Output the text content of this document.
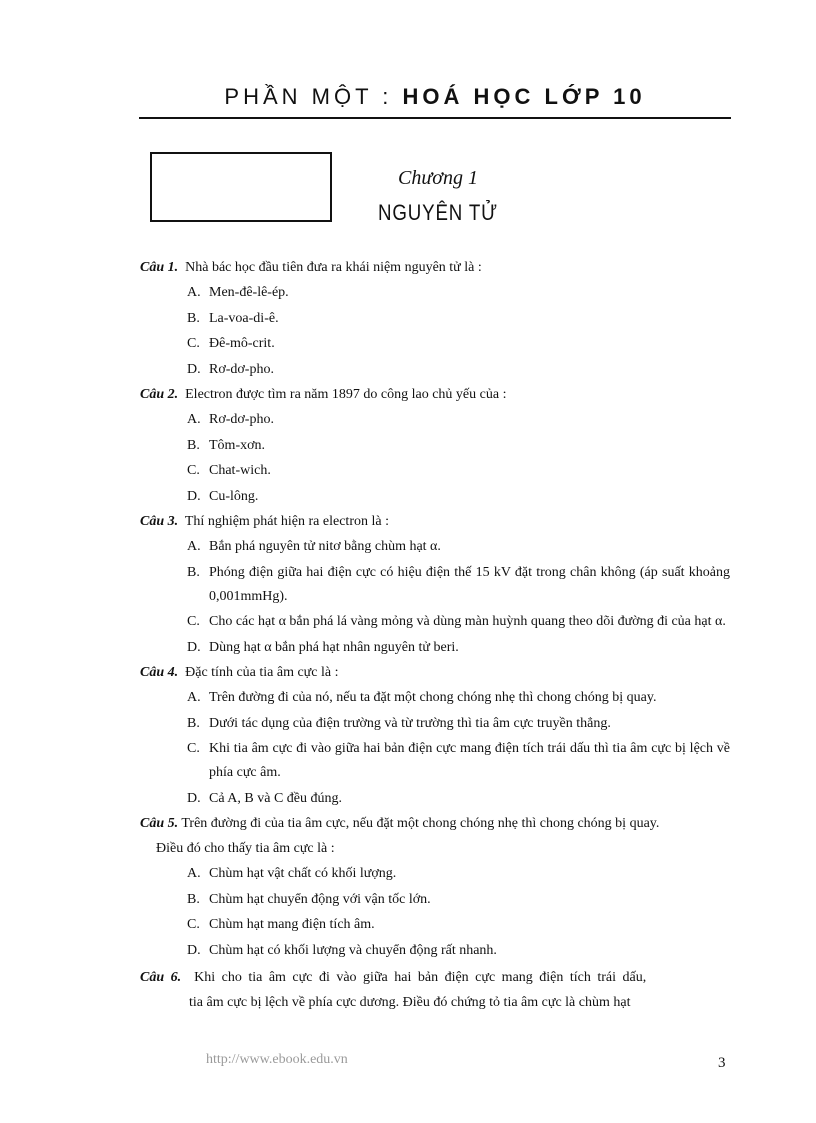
PHẦN MỘT : HOÁ HỌC LỚP 10
Chương 1
NGUYÊN TỬ
Câu 1. Nhà bác học đầu tiên đưa ra khái niệm nguyên tử là :
A. Men-đê-lê-ép.
B. La-voa-di-ê.
C. Đê-mô-crit.
D. Rơ-dơ-pho.
Câu 2. Electron được tìm ra năm 1897 do công lao chủ yếu của :
A. Rơ-dơ-pho.
B. Tôm-xơn.
C. Chat-wich.
D. Cu-lông.
Câu 3. Thí nghiệm phát hiện ra electron là :
A. Bắn phá nguyên tử nitơ bằng chùm hạt α.
B. Phóng điện giữa hai điện cực có hiệu điện thế 15 kV đặt trong chân không (áp suất khoảng 0,001mmHg).
C. Cho các hạt α bắn phá lá vàng mỏng và dùng màn huỳnh quang theo dõi đường đi của hạt α.
D. Dùng hạt α bắn phá hạt nhân nguyên tử beri.
Câu 4. Đặc tính của tia âm cực là :
A. Trên đường đi của nó, nếu ta đặt một chong chóng nhẹ thì chong chóng bị quay.
B. Dưới tác dụng của điện trường và từ trường thì tia âm cực truyền thẳng.
C. Khi tia âm cực đi vào giữa hai bản điện cực mang điện tích trái dấu thì tia âm cực bị lệch về phía cực âm.
D. Cả A, B và C đều đúng.
Câu 5. Trên đường đi của tia âm cực, nếu đặt một chong chóng nhẹ thì chong chóng bị quay.
Điều đó cho thấy tia âm cực là :
A. Chùm hạt vật chất có khối lượng.
B. Chùm hạt chuyển động với vận tốc lớn.
C. Chùm hạt mang điện tích âm.
D. Chùm hạt có khối lượng và chuyển động rất nhanh.
Câu 6. Khi cho tia âm cực đi vào giữa hai bản điện cực mang điện tích trái dấu,
tia âm cực bị lệch về phía cực dương. Điều đó chứng tỏ tia âm cực là chùm hạt
http://www.ebook.edu.vn	3
